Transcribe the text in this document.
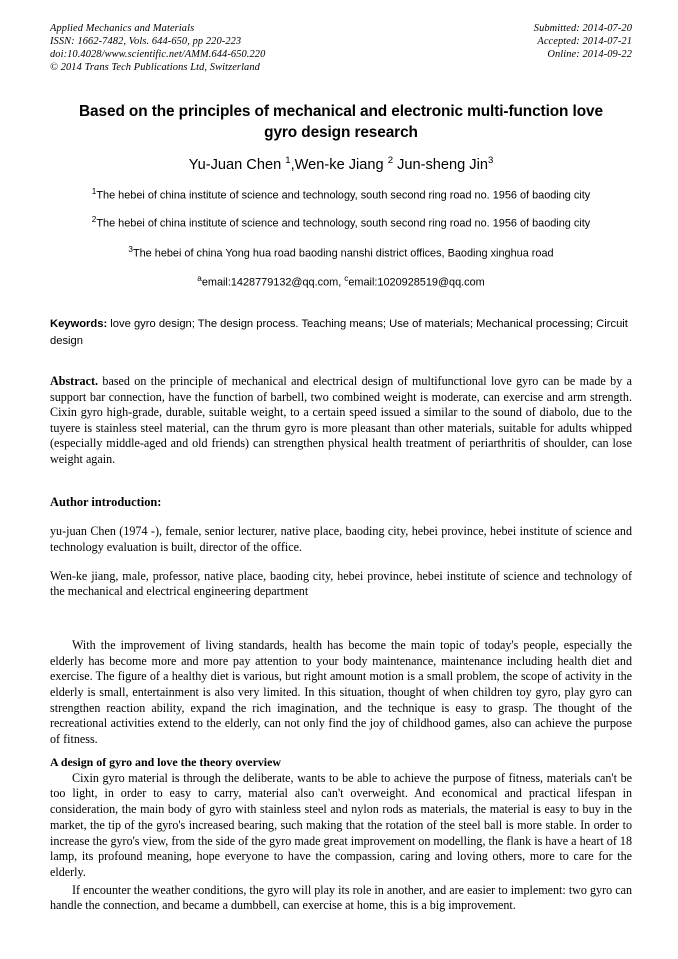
Applied Mechanics and Materials
ISSN: 1662-7482, Vols. 644-650, pp 220-223
doi:10.4028/www.scientific.net/AMM.644-650.220
© 2014 Trans Tech Publications Ltd, Switzerland
Submitted: 2014-07-20
Accepted: 2014-07-21
Online: 2014-09-22
Based on the principles of mechanical and electronic multi-function love gyro design research
Yu-Juan Chen $^1$,Wen-ke Jiang $^2$ Jun-sheng Jin$^3$
$^1$The hebei of china institute of science and technology, south second ring road no. 1956 of baoding city
$^2$The hebei of china institute of science and technology, south second ring road no. 1956 of baoding city
$^3$The hebei of china Yong hua road baoding nanshi district offices, Baoding xinghua road
$^a$email:1428779132@qq.com, $^c$email:1020928519@qq.com
Keywords: love gyro design; The design process. Teaching means; Use of materials; Mechanical processing; Circuit design
Abstract. based on the principle of mechanical and electrical design of multifunctional love gyro can be made by a support bar connection, have the function of barbell, two combined weight is moderate, can exercise and arm strength. Cixin gyro high-grade, durable, suitable weight, to a certain speed issued a similar to the sound of diabolo, due to the tuyere is stainless steel material, can the thrum gyro is more pleasant than other materials, suitable for adults whipped (especially middle-aged and old friends) can strengthen physical health treatment of periarthritis of shoulder, can lose weight again.
Author introduction:
yu-juan Chen (1974 -), female, senior lecturer, native place, baoding city, hebei province, hebei institute of science and technology evaluation is built, director of the office.
Wen-ke jiang, male, professor, native place, baoding city, hebei province, hebei institute of science and technology of the mechanical and electrical engineering department
With the improvement of living standards, health has become the main topic of today's people, especially the elderly has become more and more pay attention to your body maintenance, maintenance including health diet and exercise. The figure of a healthy diet is various, but right amount motion is a small problem, the scope of activity in the elderly is small, entertainment is also very limited. In this situation, thought of when children toy gyro, play gyro can strengthen reaction ability, expand the rich imagination, and the technique is easy to grasp. The thought of the recreational activities extend to the elderly, can not only find the joy of childhood games, also can achieve the purpose of fitness.
A design of gyro and love the theory overview
Cixin gyro material is through the deliberate, wants to be able to achieve the purpose of fitness, materials can't be too light, in order to easy to carry, material also can't overweight. And economical and practical lifespan in consideration, the main body of gyro with stainless steel and nylon rods as materials, the material is easy to buy in the market, the tip of the gyro's increased bearing, such making that the rotation of the steel ball is more stable. In order to increase the gyro's view, from the side of the gyro made great improvement on modelling, the flank is have a heart of 18 lamp, its profound meaning, hope everyone to have the compassion, caring and loving others, more to care for the elderly.
If encounter the weather conditions, the gyro will play its role in another, and are easier to implement: two gyro can handle the connection, and became a dumbbell, can exercise at home, this is a big improvement.
